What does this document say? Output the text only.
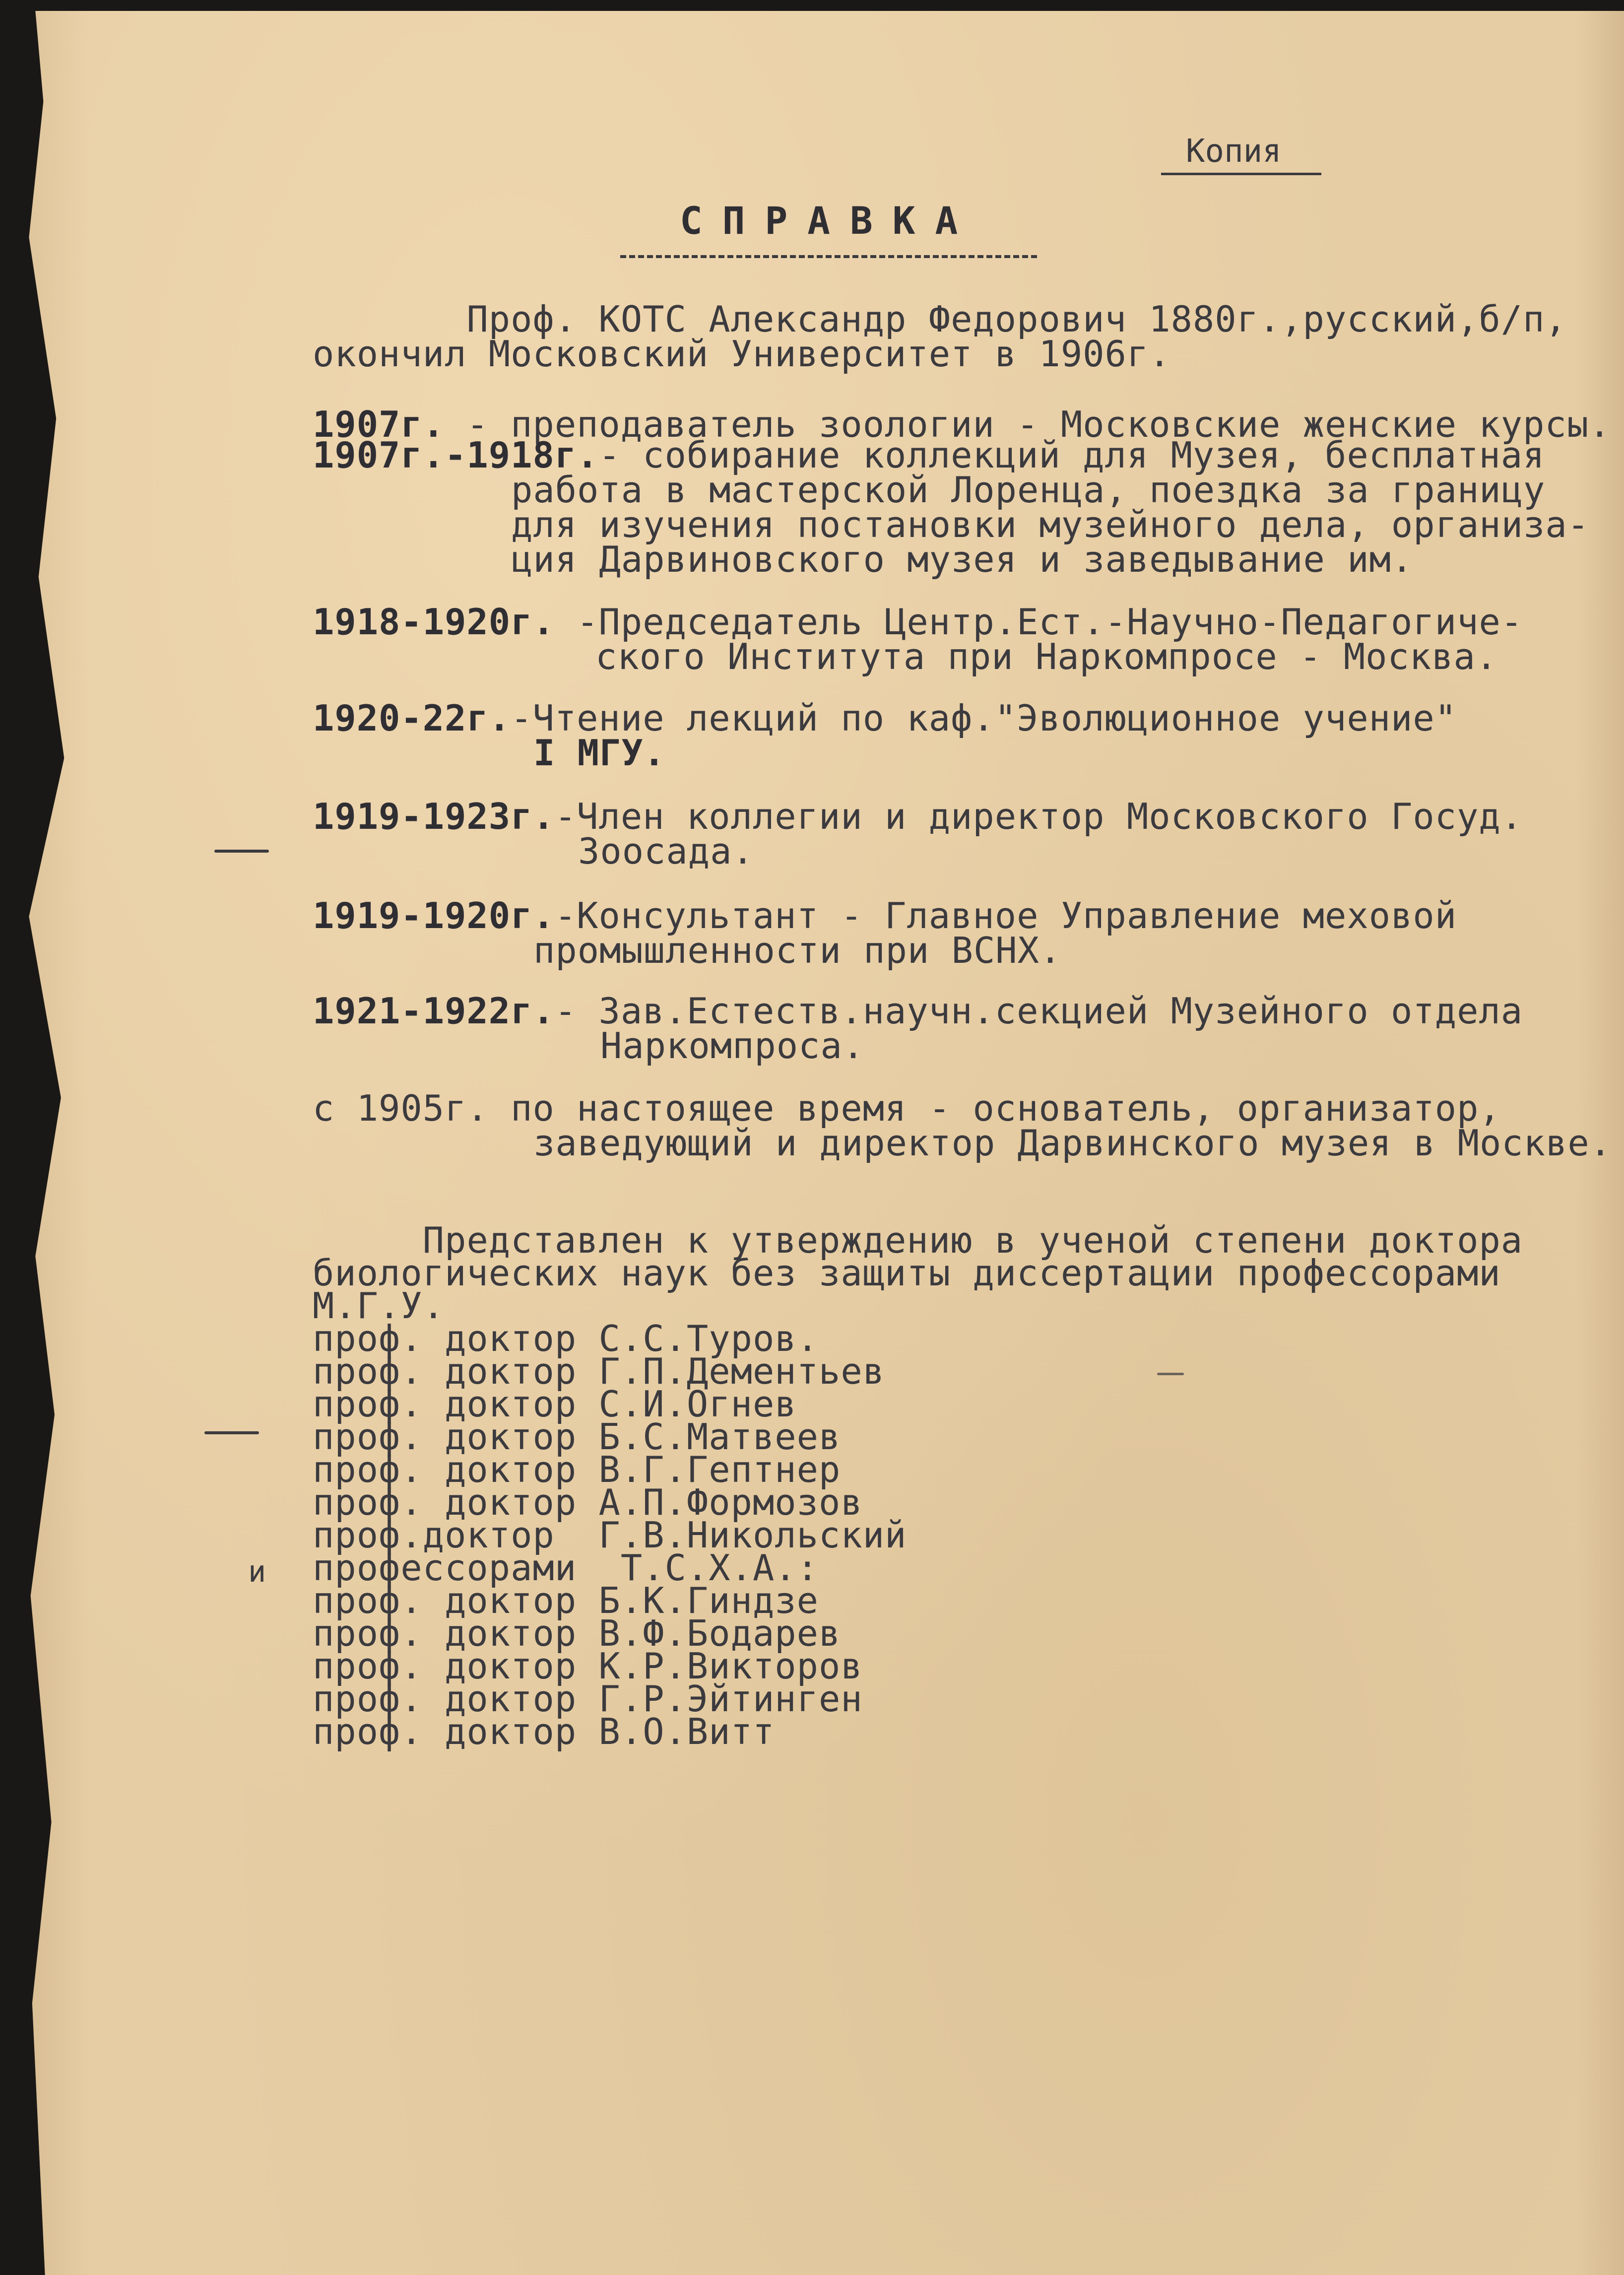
Копия
СПРАВКА
Проф. КОТС Александр Федорович 1880г.,русский,б/п,
окончил Московский Университет в 1906г.
1907г. - преподаватель зоологии - Московские женские курсы.
1907г.-1918г.- собирание коллекций для Музея, бесплатная
работа в мастерской Лоренца, поездка за границу
для изучения постановки музейного дела, организа-
ция Дарвиновского музея и заведывание им.
1918-1920г. -Председатель Центр.Ест.-Научно-Педагогиче-
ского Института при Наркомпросе - Москва.
1920-22г.-Чтение лекций по каф."Эволюционное учение"
I МГУ.
1919-1923г.-Член коллегии и директор Московского Госуд.
Зоосада.
1919-1920г.-Консультант - Главное Управление меховой
промышленности при ВСНХ.
1921-1922г.- Зав.Естеств.научн.секцией Музейного отдела
Наркомпроса.
с 1905г. по настоящее время - основатель, организатор,
заведующий и директор Дарвинского музея в Москве.
Представлен к утверждению в ученой степени доктора
биологических наук без защиты диссертации профессорами
М.Г.У.
проф. доктор С.С.Туров.
проф. доктор Г.П.Дементьев
проф. доктор С.И.Огнев
проф. доктор Б.С.Матвеев
проф. доктор В.Г.Гептнер
проф. доктор А.П.Формозов
проф.доктор  Г.В.Никольский
и профессорами  Т.С.Х.А.:
проф. доктор Б.К.Гиндзе
проф. доктор В.Ф.Бодарев
проф. доктор К.Р.Викторов
проф. доктор Г.Р.Эйтинген
проф. доктор В.О.Витт
